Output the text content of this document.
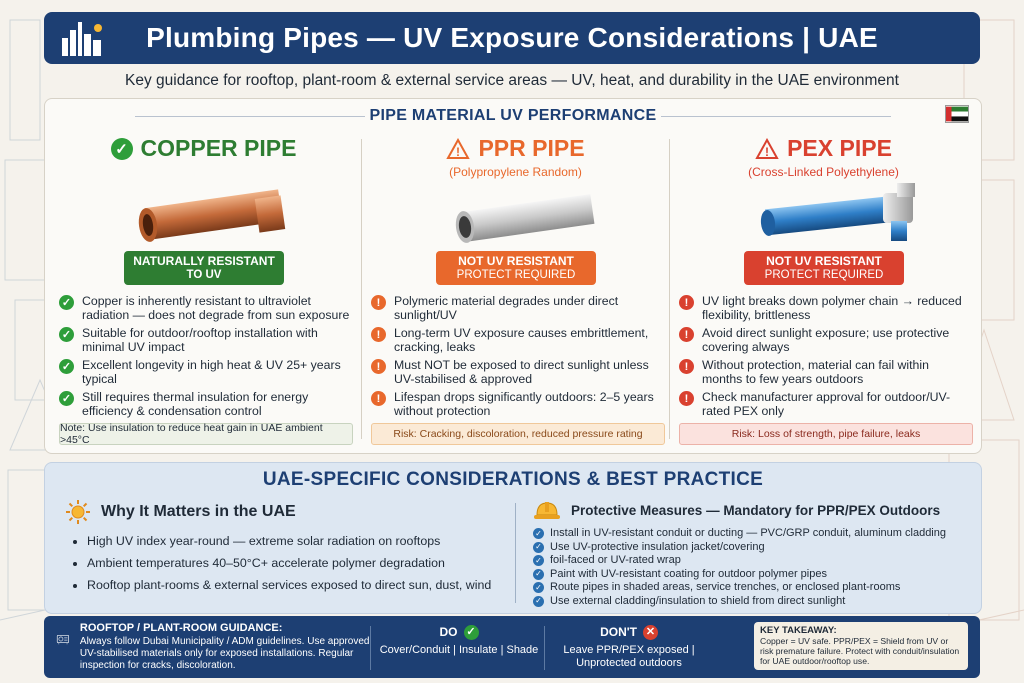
Plumbing Pipes — UV Exposure Considerations | UAE
Key guidance for rooftop, plant-room & external service areas — UV, heat, and durability in the UAE environment
PIPE MATERIAL UV PERFORMANCE
✓ COPPER PIPE
NATURALLY RESISTANT
TO UV
✓ Copper is inherently resistant to ultraviolet radiation — does not degrade from sun exposure
✓ Suitable for outdoor/rooftop installation with minimal UV impact
✓ Excellent longevity in high heat & UV 25+ years typical
✓ Still requires thermal insulation for energy efficiency & condensation control
Note: Use insulation to reduce heat gain in UAE ambient >45°C
! PPR PIPE
(Polypropylene Random)
NOT UV RESISTANT
PROTECT REQUIRED
!	Polymeric material degrades under direct sunlight/UV
!	Long-term UV exposure causes embrittlement, cracking, leaks
!	Must NOT be exposed to direct sunlight unless UV-stabilised & approved
!	Lifespan drops significantly outdoors: 2–5 years without protection
Risk: Cracking, discoloration, reduced pressure rating
! PEX PIPE
(Cross-Linked Polyethylene)
NOT UV RESISTANT
PROTECT REQUIRED
!	UV light breaks down polymer chain → reduced flexibility, brittleness
!	Avoid direct sunlight exposure; use protective covering always
!	Without protection, material can fail within months to few years outdoors
!	Check manufacturer approval for outdoor/UV-rated PEX only
Risk: Loss of strength, pipe failure, leaks
UAE-SPECIFIC CONSIDERATIONS & BEST PRACTICE
Why It Matters in the UAE
• High UV index year-round — extreme solar radiation on rooftops
• Ambient temperatures 40–50°C+ accelerate polymer degradation
• Rooftop plant-rooms & external services exposed to direct sun, dust, wind
Protective Measures — Mandatory for PPR/PEX Outdoors
✓ Install in UV-resistant conduit or ducting — PVC/GRP conduit, aluminum cladding
✓ Use UV-protective insulation jacket/covering
✓ foil-faced or UV-rated wrap
✓ Paint with UV-resistant coating for outdoor polymer pipes
✓ Route pipes in shaded areas, service trenches, or enclosed plant-rooms
✓ Use external cladding/insulation to shield from direct sunlight
ROOFTOP / PLANT-ROOM GUIDANCE:
Always follow Dubai Municipality / ADM guidelines. Use approved UV-stabilised materials only for exposed installations. Regular inspection for cracks, discoloration.
DO ✓
Cover/Conduit | Insulate | Shade
DON'T ✕
Leave PPR/PEX exposed | Unprotected outdoors
KEY TAKEAWAY:
Copper = UV safe. PPR/PEX = Shield from UV or risk premature failure. Protect with conduit/insulation for UAE outdoor/rooftop use.
